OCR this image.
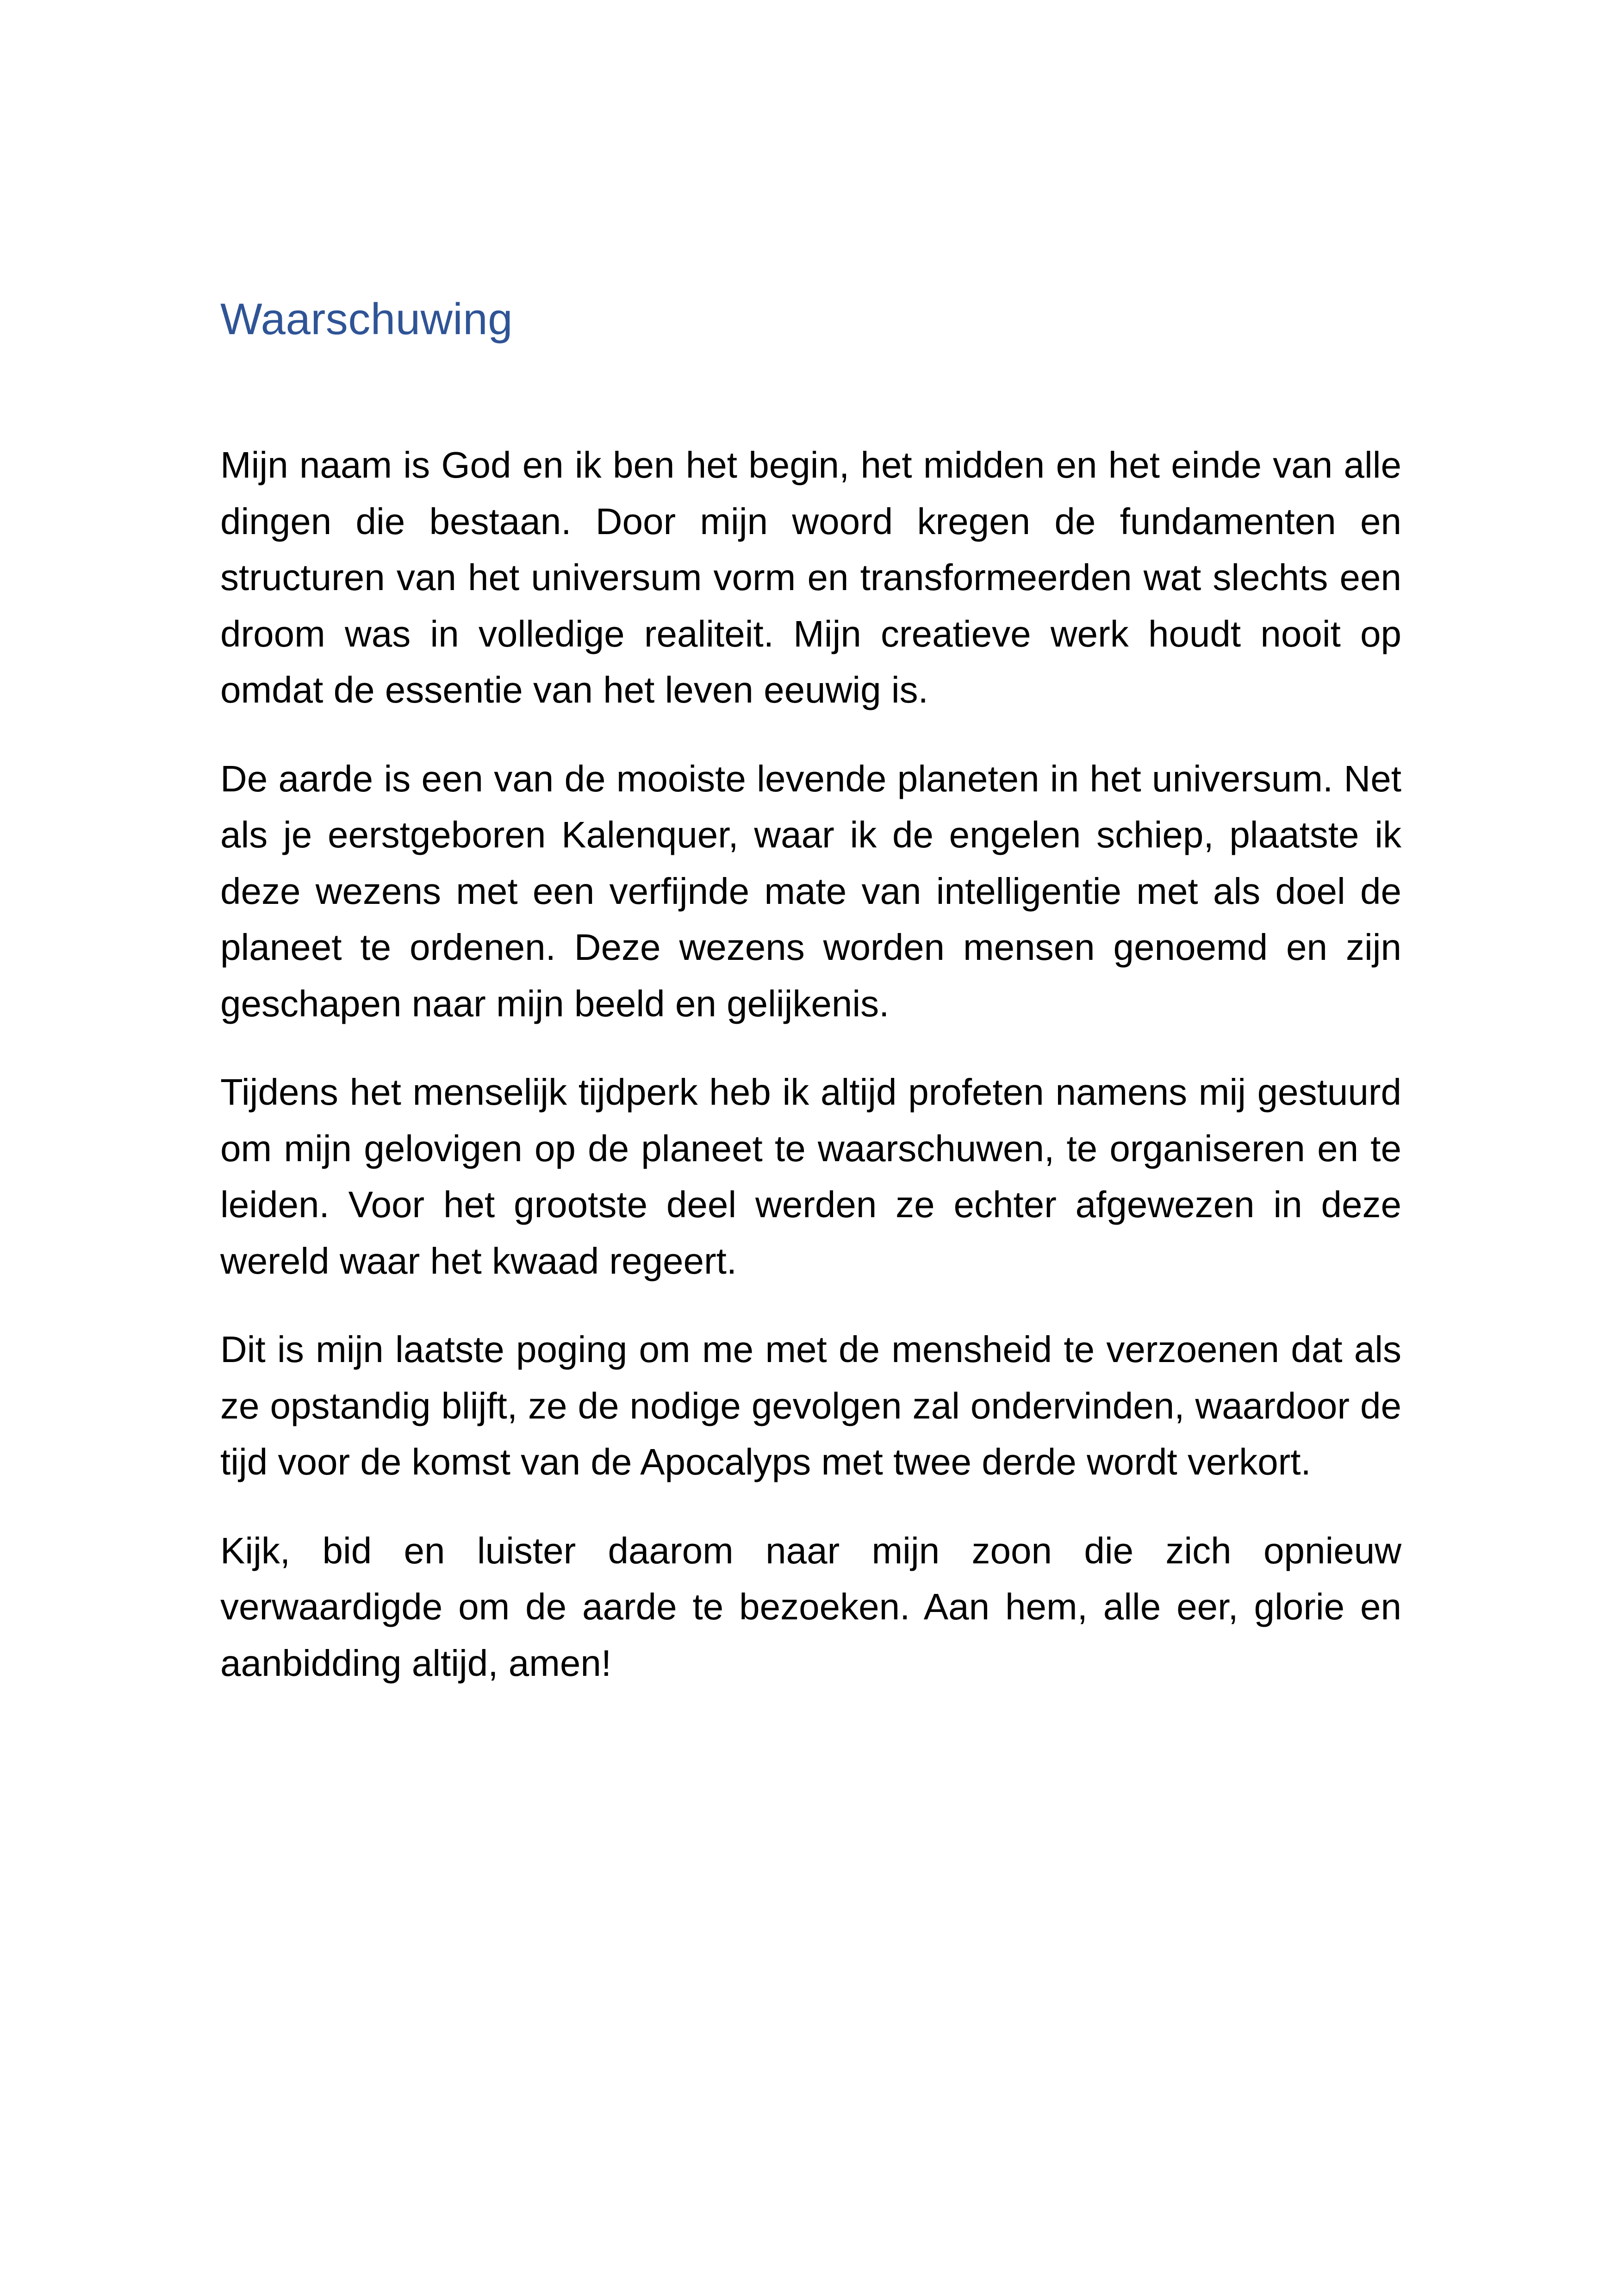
Waarschuwing

Mijn naam is God en ik ben het begin, het midden en het einde van alle dingen die bestaan. Door mijn woord kregen de fundamenten en structuren van het universum vorm en transformeerden wat slechts een droom was in volledige realiteit. Mijn creatieve werk houdt nooit op omdat de essentie van het leven eeuwig is.

De aarde is een van de mooiste levende planeten in het universum. Net als je eerstgeboren Kalenquer, waar ik de engelen schiep, plaatste ik deze wezens met een verfijnde mate van intelligentie met als doel de planeet te ordenen. Deze wezens worden mensen genoemd en zijn geschapen naar mijn beeld en gelijkenis.

Tijdens het menselijk tijdperk heb ik altijd profeten namens mij gestuurd om mijn gelovigen op de planeet te waarschuwen, te organiseren en te leiden. Voor het grootste deel werden ze echter afgewezen in deze wereld waar het kwaad regeert.

Dit is mijn laatste poging om me met de mensheid te verzoenen dat als ze opstandig blijft, ze de nodige gevolgen zal ondervinden, waardoor de tijd voor de komst van de Apocalyps met twee derde wordt verkort.

Kijk, bid en luister daarom naar mijn zoon die zich opnieuw verwaardigde om de aarde te bezoeken. Aan hem, alle eer, glorie en aanbidding altijd, amen!
